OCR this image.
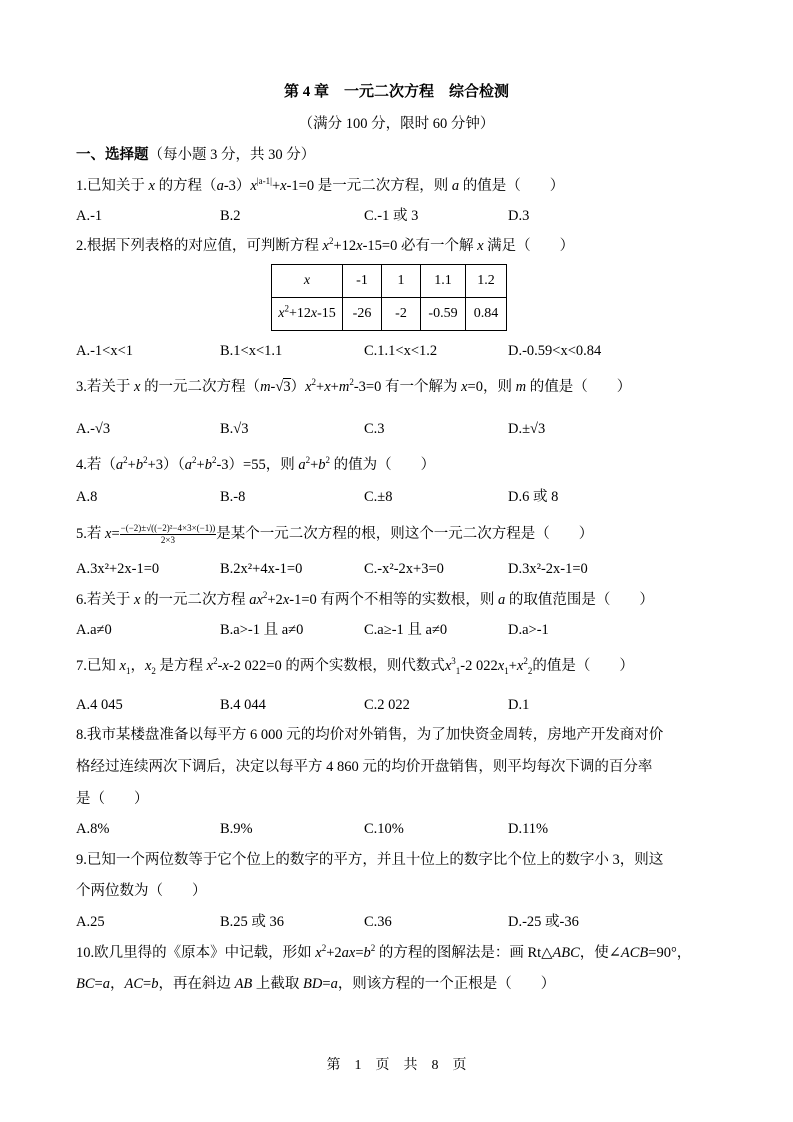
第 4 章　一元二次方程　综合检测
（满分 100 分，限时 60 分钟）
一、选择题（每小题 3 分，共 30 分）
1.已知关于 x 的方程$(a-3)x^{|a-1|}+x-1=0$ 是一元二次方程，则 a 的值是（　　）
A.-1	B.2	C.-1 或 3	D.3
2.根据下列表格的对应值，可判断方程 $x^2+12x-15=0$ 必有一个解 x 满足（　　）
x	-1	1	1.1	1.2
$x^2+12x-15$	-26	-2	-0.59	0.84
A.-1<x<1	B.1<x<1.1	C.1.1<x<1.2	D.-0.59<x<0.84
3.若关于 x 的一元二次方程$(m-√3)x^2+x+m^2-3=0$ 有一个解为 x=0，则 m 的值是（　　）
A.-√3	B.√3	C.3	D.±√3
4.若$(a^2+b^2+3)(a^2+b^2-3)=55$，则 $a^2+b^2$ 的值为（　　）
A.8	B.-8	C.±8	D.6 或 8
5.若 $x= \frac{\text{−(−2)±√((−2)²−4×3×(−1))}}{2\times 3}$ 是某个一元二次方程的根，则这个一元二次方程是（　　）
A.3x²+2x-1=0	B.2x²+4x-1=0	C.-x²-2x+3=0	D.3x²-2x-1=0
6.若关于 x 的一元二次方程 $ax^2+2x-1=0$ 有两个不相等的实数根，则 a 的取值范围是（　　）
A.a≠0	B.a>-1 且 a≠0	C.a≥-1 且 a≠0	D.a>-1
7.已知 $x_1$，$x_2$ 是方程 $x^2-x-2$ 022=0 的两个实数根，则代数式$x^3_1-2$ $022x_1+x^2_2$的值是（　　）
A.4 045	B.4 044	C.2 022	D.1
8.我市某楼盘准备以每平方 6 000 元的均价对外销售，为了加快资金周转，房地产开发商对价
格经过连续两次下调后，决定以每平方 4 860 元的均价开盘销售，则平均每次下调的百分率
是（　　）
A.8%	B.9%	C.10%	D.11%
9.已知一个两位数等于它个位上的数字的平方，并且十位上的数字比个位上的数字小 3，则这
个两位数为（　　）
A.25	B.25 或 36	C.36	D.-25 或-36
10.欧几里得的《原本》中记载，形如 $x^2+2ax=b^2$ 的方程的图解法是：画 Rt△ABC，使∠ACB=90°，
BC=a，AC=b，再在斜边 AB 上截取 BD=a，则该方程的一个正根是（　　）
第　1　页　共　8　页
